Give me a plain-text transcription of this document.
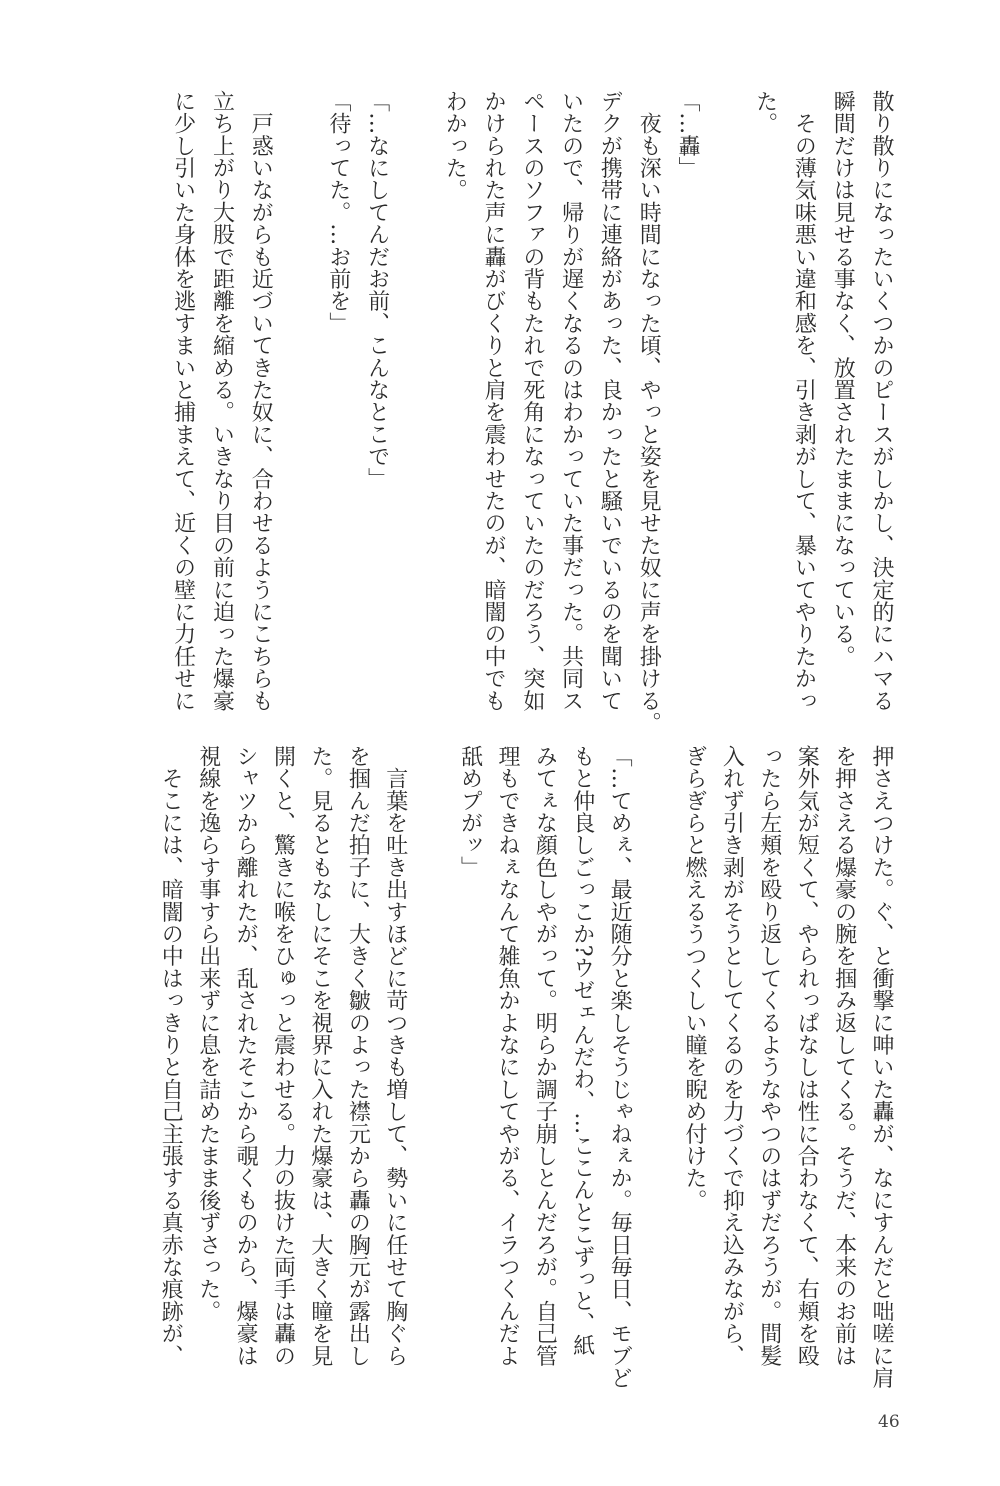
散り散りになったいくつかのピースがしかし、決定的にハマる
瞬間だけは見せる事なく、放置されたままになっている。
　その薄気味悪い違和感を、引き剥がして、暴いてやりたかっ
た。

「…轟」
　夜も深い時間になった頃、やっと姿を見せた奴に声を掛ける。
デクが携帯に連絡があった、良かったと騒いでいるのを聞いて
いたので、帰りが遅くなるのはわかっていた事だった。共同ス
ペースのソファの背もたれで死角になっていたのだろう、突如
かけられた声に轟がびくりと肩を震わせたのが、暗闇の中でも
わかった。

「…なにしてんだお前、こんなとこで」
「待ってた。…お前を」

　戸惑いながらも近づいてきた奴に、合わせるようにこちらも
立ち上がり大股で距離を縮める。いきなり目の前に迫った爆豪
に少し引いた身体を逃すまいと捕まえて、近くの壁に力任せに
押さえつけた。ぐ、と衝撃に呻いた轟が、なにすんだと咄嗟に肩
を押さえる爆豪の腕を掴み返してくる。そうだ、本来のお前は
案外気が短くて、やられっぱなしは性に合わなくて、右頬を殴
ったら左頬を殴り返してくるようなやつのはずだろうが。間髪
入れず引き剥がそうとしてくるのを力づくで抑え込みながら、
ぎらぎらと燃えるうつくしい瞳を睨め付けた。

「…てめぇ、最近随分と楽しそうじゃねぇか。毎日毎日、モブど
もと仲良しごっこか?ウゼェんだわ、…ここんとこずっと、紙
みてぇな顔色しやがって。明らか調子崩しとんだろが。自己管
理もできねぇなんて雑魚かよなにしてやがる、イラつくんだよ
舐めプがッ」

　言葉を吐き出すほどに苛つきも増して、勢いに任せて胸ぐら
を掴んだ拍子に、大きく皺のよった襟元から轟の胸元が露出し
た。見るともなしにそこを視界に入れた爆豪は、大きく瞳を見
開くと、驚きに喉をひゅっと震わせる。力の抜けた両手は轟の
シャツから離れたが、乱されたそこから覗くものから、爆豪は
視線を逸らす事すら出来ずに息を詰めたまま後ずさった。
　そこには、暗闇の中はっきりと自己主張する真赤な痕跡が、
46
